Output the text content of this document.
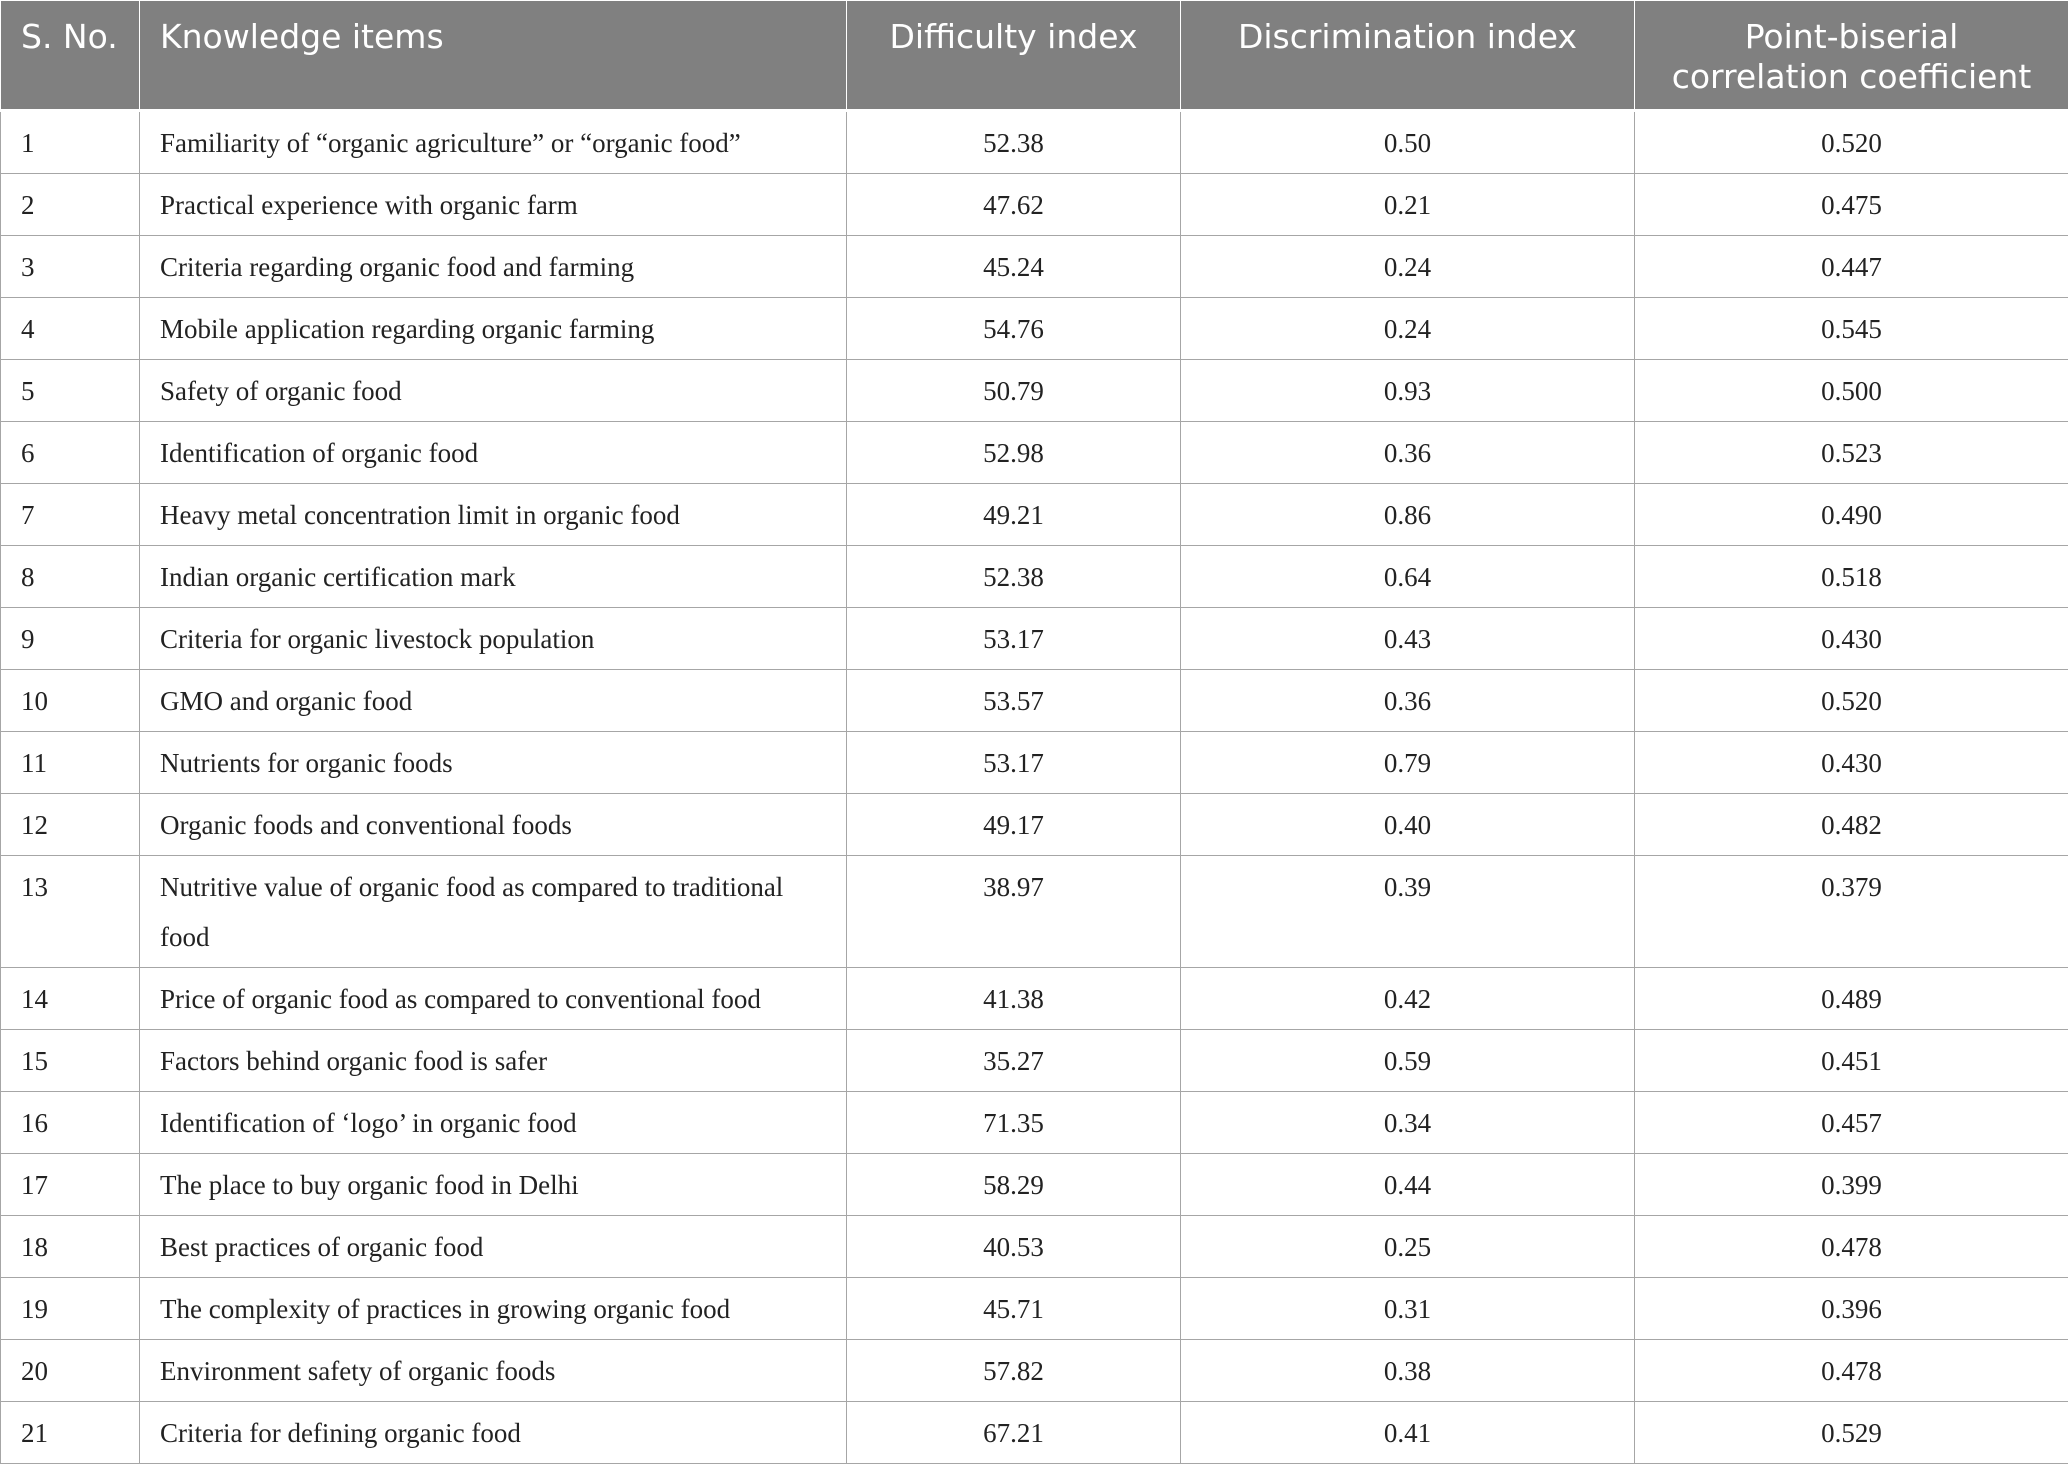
S. No.	Knowledge items	Difficulty index	Discrimination index	Point-biserial correlation coefficient
1	Familiarity of “organic agriculture” or “organic food”	52.38	0.50	0.520
2	Practical experience with organic farm	47.62	0.21	0.475
3	Criteria regarding organic food and farming	45.24	0.24	0.447
4	Mobile application regarding organic farming	54.76	0.24	0.545
5	Safety of organic food	50.79	0.93	0.500
6	Identification of organic food	52.98	0.36	0.523
7	Heavy metal concentration limit in organic food	49.21	0.86	0.490
8	Indian organic certification mark	52.38	0.64	0.518
9	Criteria for organic livestock population	53.17	0.43	0.430
10	GMO and organic food	53.57	0.36	0.520
11	Nutrients for organic foods	53.17	0.79	0.430
12	Organic foods and conventional foods	49.17	0.40	0.482
13	Nutritive value of organic food as compared to traditional food	38.97	0.39	0.379
14	Price of organic food as compared to conventional food	41.38	0.42	0.489
15	Factors behind organic food is safer	35.27	0.59	0.451
16	Identification of ‘logo’ in organic food	71.35	0.34	0.457
17	The place to buy organic food in Delhi	58.29	0.44	0.399
18	Best practices of organic food	40.53	0.25	0.478
19	The complexity of practices in growing organic food	45.71	0.31	0.396
20	Environment safety of organic foods	57.82	0.38	0.478
21	Criteria for defining organic food	67.21	0.41	0.529
